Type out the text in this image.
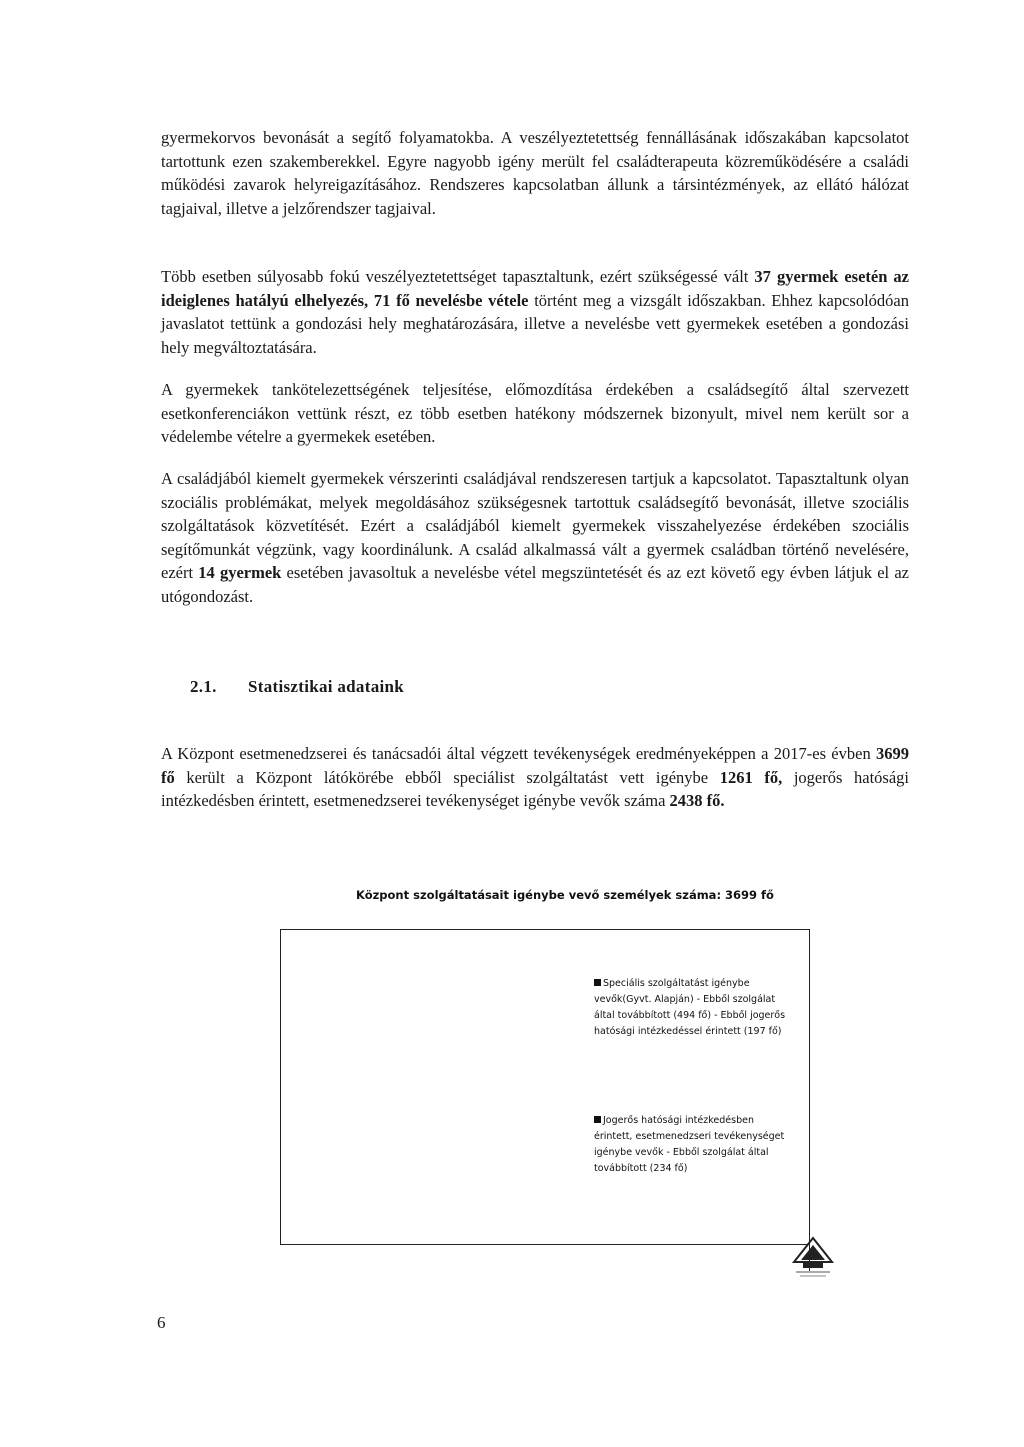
gyermekorvos bevonását a segítő folyamatokba. A veszélyeztetettség fennállásának időszakában kapcsolatot tartottunk ezen szakemberekkel. Egyre nagyobb igény merült fel családterapeuta közreműködésére a családi működési zavarok helyreigazításához. Rendszeres kapcsolatban állunk a társintézmények, az ellátó hálózat tagjaival, illetve a jelzőrendszer tagjaival.

Több esetben súlyosabb fokú veszélyeztetettséget tapasztaltunk, ezért szükségessé vált 37 gyermek esetén az ideiglenes hatályú elhelyezés, 71 fő nevelésbe vétele történt meg a vizsgált időszakban. Ehhez kapcsolódóan javaslatot tettünk a gondozási hely meghatározására, illetve a nevelésbe vett gyermekek esetében a gondozási hely megváltoztatására.

A gyermekek tankötelezettségének teljesítése, előmozdítása érdekében a családsegítő által szervezett esetkonferenciákon vettünk részt, ez több esetben hatékony módszernek bizonyult, mivel nem került sor a védelembe vételre a gyermekek esetében.

A családjából kiemelt gyermekek vérszerinti családjával rendszeresen tartjuk a kapcsolatot. Tapasztaltunk olyan szociális problémákat, melyek megoldásához szükségesnek tartottuk családsegítő bevonását, illetve szociális szolgáltatások közvetítését. Ezért a családjából kiemelt gyermekek visszahelyezése érdekében szociális segítőmunkát végzünk, vagy koordinálunk. A család alkalmassá vált a gyermek családban történő nevelésére, ezért 14 gyermek esetében javasoltuk a nevelésbe vétel megszüntetését és az ezt követő egy évben látjuk el az utógondozást.

2.1. Statisztikai adataink

A Központ esetmenedzserei és tanácsadói által végzett tevékenységek eredményeképpen a 2017-es évben 3699 fő került a Központ látókörébe ebből speciálist szolgáltatást vett igénybe 1261 fő, jogerős hatósági intézkedésben érintett, esetmenedzserei tevékenységet igénybe vevők száma 2438 fő.

Központ szolgáltatásait igénybe vevő személyek száma: 3699 fő
Speciális szolgáltatást igénybe vevők(Gyvt. Alapján) - Ebből szolgálat által továbbított (494 fő) - Ebből jogerős hatósági intézkedéssel érintett (197 fő)
Jogerős hatósági intézkedésben érintett, esetmenedzseri tevékenységet igénybe vevők - Ebből szolgálat által továbbított (234 fő)
6
